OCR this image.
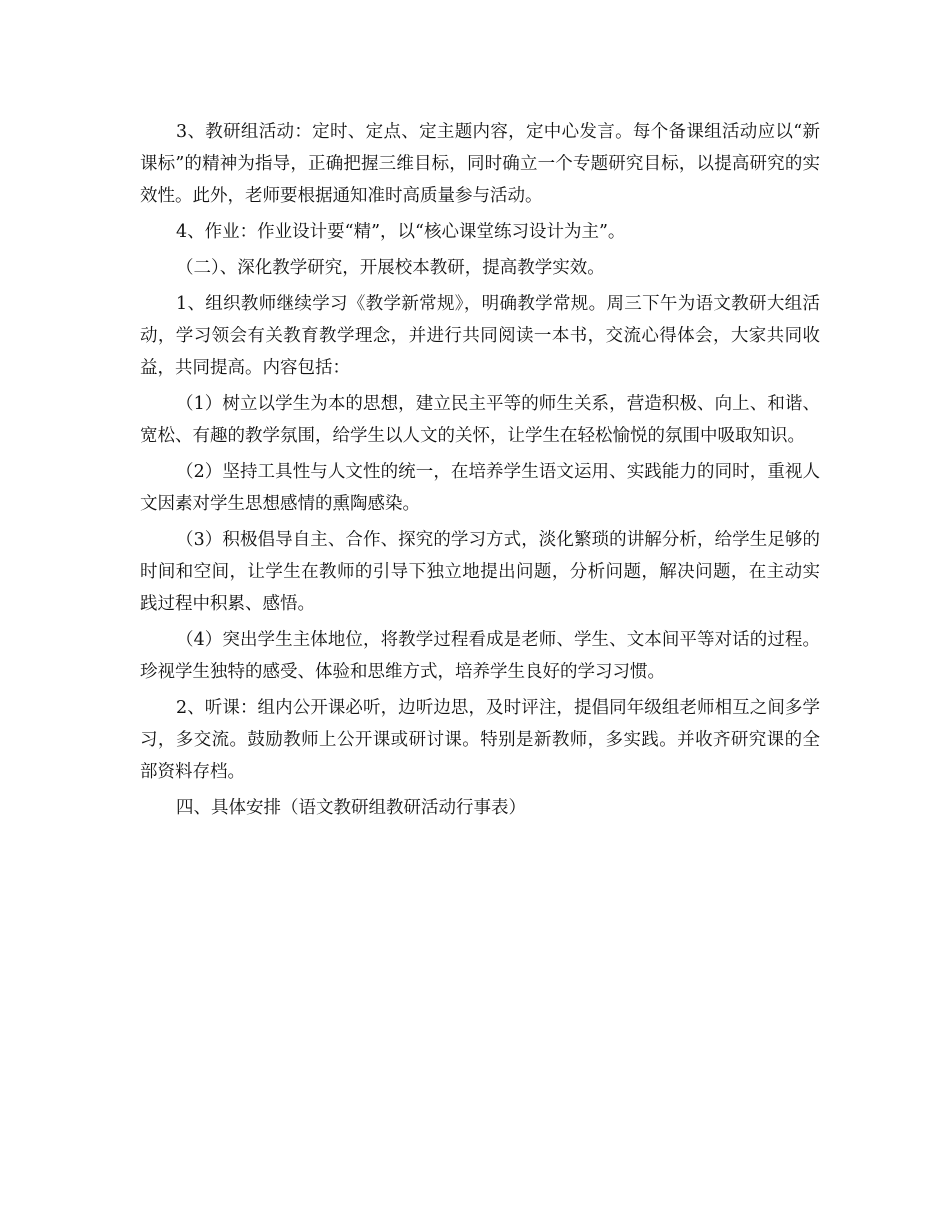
3、教研组活动：定时、定点、定主题内容，定中心发言。每个备课组活动应以“新课标”的精神为指导，正确把握三维目标，同时确立一个专题研究目标，以提高研究的实效性。此外，老师要根据通知准时高质量参与活动。

4、作业：作业设计要“精”，以“核心课堂练习设计为主”。

（二）、深化教学研究，开展校本教研，提高教学实效。

1、组织教师继续学习《教学新常规》，明确教学常规。周三下午为语文教研大组活动，学习领会有关教育教学理念，并进行共同阅读一本书，交流心得体会，大家共同收益，共同提高。内容包括：

（1）树立以学生为本的思想，建立民主平等的师生关系，营造积极、向上、和谐、宽松、有趣的教学氛围，给学生以人文的关怀，让学生在轻松愉悦的氛围中吸取知识。

（2）坚持工具性与人文性的统一，在培养学生语文运用、实践能力的同时，重视人文因素对学生思想感情的熏陶感染。

（3）积极倡导自主、合作、探究的学习方式，淡化繁琐的讲解分析，给学生足够的时间和空间，让学生在教师的引导下独立地提出问题，分析问题，解决问题，在主动实践过程中积累、感悟。

（4）突出学生主体地位，将教学过程看成是老师、学生、文本间平等对话的过程。珍视学生独特的感受、体验和思维方式，培养学生良好的学习习惯。

2、听课：组内公开课必听，边听边思，及时评注，提倡同年级组老师相互之间多学习，多交流。鼓励教师上公开课或研讨课。特别是新教师，多实践。并收齐研究课的全部资料存档。

四、具体安排（语文教研组教研活动行事表）
